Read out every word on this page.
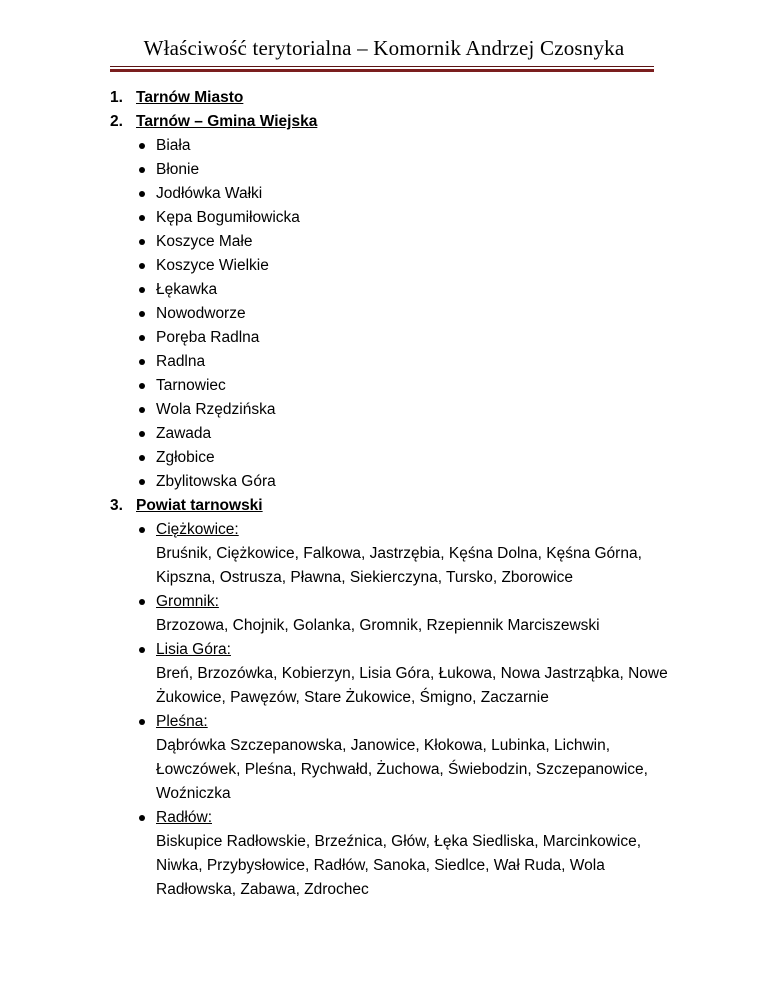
Właściwość terytorialna – Komornik Andrzej Czosnyka
1. Tarnów Miasto
2. Tarnów – Gmina Wiejska
Biała
Błonie
Jodłówka Wałki
Kępa Bogumiłowicka
Koszyce Małe
Koszyce Wielkie
Łękawka
Nowodworze
Poręba Radlna
Radlna
Tarnowiec
Wola Rzędzińska
Zawada
Zgłobice
Zbylitowska Góra
3. Powiat tarnowski
Ciężkowice:
Bruśnik, Ciężkowice, Falkowa, Jastrzębia, Kęśna Dolna, Kęśna Górna, Kipszna, Ostrusza, Pławna, Siekierczyna, Tursko, Zborowice
Gromnik:
Brzozowa, Chojnik, Golanka, Gromnik, Rzepiennik Marciszewski
Lisia Góra:
Breń, Brzozówka, Kobierzyn, Lisia Góra, Łukowa, Nowa Jastrząbka, Nowe Żukowice, Pawęzów, Stare Żukowice, Śmigno, Zaczarnie
Pleśna:
Dąbrówka Szczepanowska, Janowice, Kłokowa, Lubinka, Lichwin, Łowczówek, Pleśna, Rychwałd, Żuchowa, Świebodzin, Szczepanowice, Woźniczka
Radłów:
Biskupice Radłowskie, Brzeźnica, Głów, Łęka Siedliska, Marcinkowice, Niwka, Przybysłowice, Radłów, Sanoka, Siedlce, Wał Ruda, Wola Radłowska, Zabawa, Zdrochec
